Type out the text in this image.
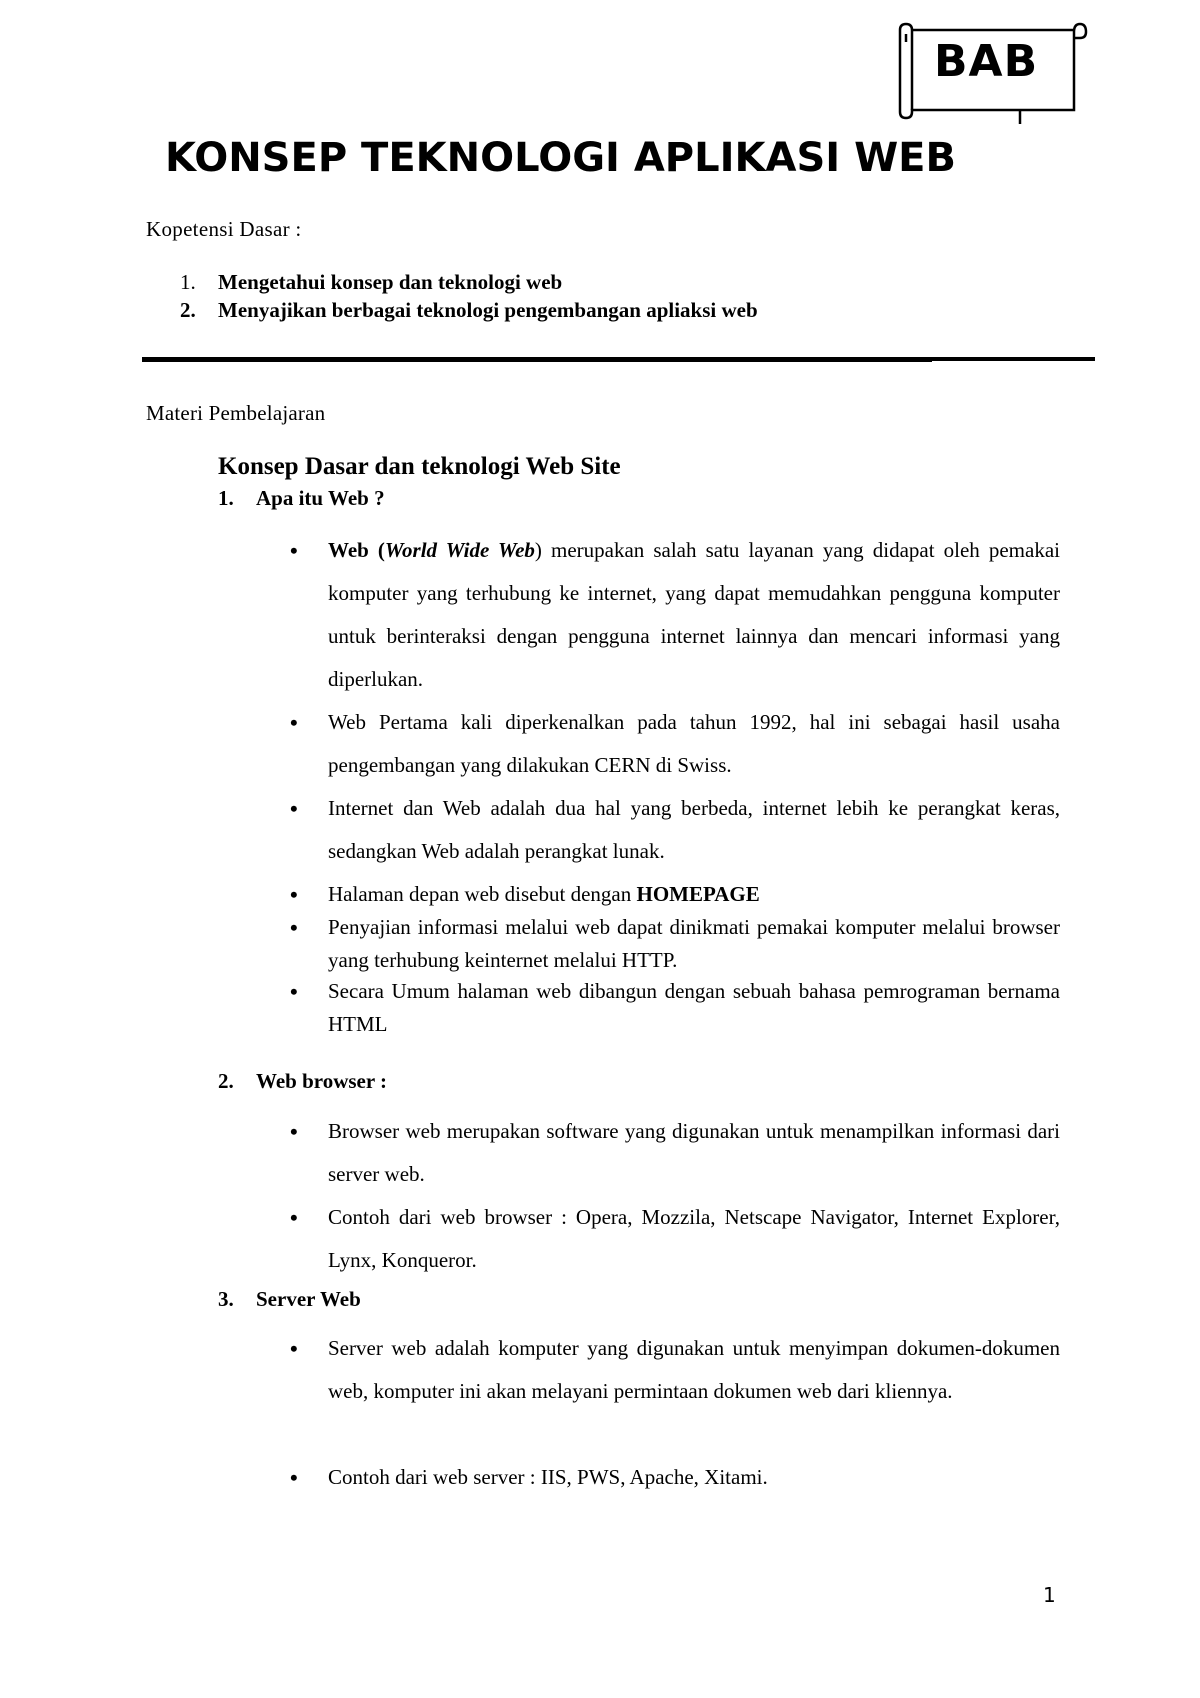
BAB
KONSEP TEKNOLOGI APLIKASI WEB
Kopetensi Dasar :
1.	Mengetahui konsep dan teknologi web
2.	Menyajikan berbagai teknologi pengembangan apliaksi web
Materi Pembelajaran
Konsep Dasar dan teknologi Web Site
1.	Apa itu Web ?
•	Web (World Wide Web) merupakan salah satu layanan yang didapat oleh pemakai komputer yang terhubung ke internet, yang dapat memudahkan pengguna komputer untuk berinteraksi dengan pengguna internet lainnya dan mencari informasi yang diperlukan.
•	Web Pertama kali diperkenalkan pada tahun 1992, hal ini sebagai hasil usaha pengembangan yang dilakukan CERN di Swiss.
•	Internet dan Web adalah dua hal yang berbeda, internet lebih ke perangkat keras, sedangkan Web adalah perangkat lunak.
•	Halaman depan web disebut dengan HOMEPAGE
•	Penyajian informasi melalui web dapat dinikmati pemakai komputer melalui browser yang terhubung keinternet melalui HTTP.
•	Secara Umum halaman web dibangun dengan sebuah bahasa pemrograman bernama HTML
2.	Web browser :
•	Browser web merupakan software yang digunakan untuk menampilkan informasi dari server web.
•	Contoh dari web browser : Opera, Mozzila, Netscape Navigator, Internet Explorer, Lynx, Konqueror.
3.	Server Web
•	Server web adalah komputer yang digunakan untuk menyimpan dokumen-dokumen web, komputer ini akan melayani permintaan dokumen web dari kliennya.
•	Contoh dari web server : IIS, PWS, Apache, Xitami.
1
